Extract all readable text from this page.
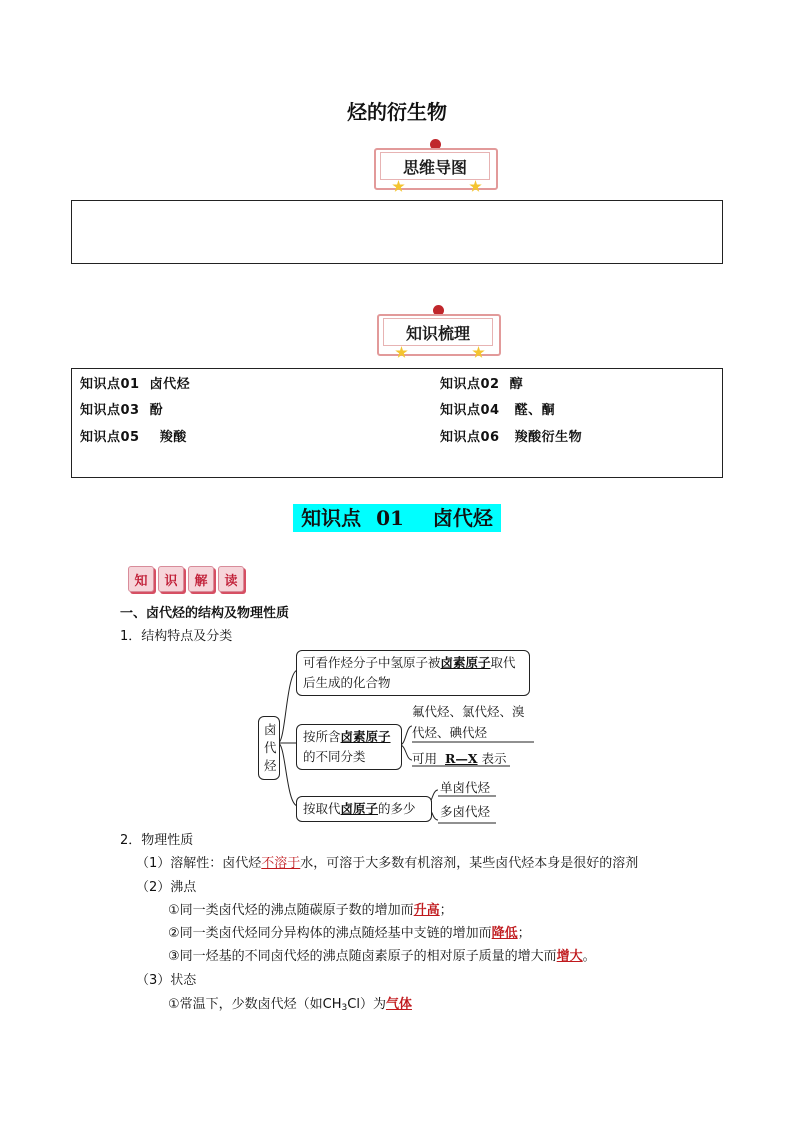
烃的衍生物
思维导图
知识梳理
知识点01 卤代烃	知识点02 醇
知识点03 酚	知识点04 醛、酮
知识点05 羧酸	知识点06 羧酸衍生物
知识点 01 卤代烃
知	识	解	读
一、卤代烃的结构及物理性质
1．结构特点及分类
卤代烃
可看作烃分子中氢原子被卤素原子取代
后生成的化合物
按所含卤素原子
的不同分类
氟代烃、氯代烃、溴
代烃、碘代烃
可用 R—X 表示
按取代卤原子的多少
单卤代烃
多卤代烃
2．物理性质
（1）溶解性：卤代烃不溶于水，可溶于大多数有机溶剂，某些卤代烃本身是很好的溶剂
（2）沸点
①同一类卤代烃的沸点随碳原子数的增加而升高；
②同一类卤代烃同分异构体的沸点随烃基中支链的增加而降低；
③同一烃基的不同卤代烃的沸点随卤素原子的相对原子质量的增大而增大。
（3）状态
①常温下，少数卤代烃（如$CH_3Cl$）为气体
